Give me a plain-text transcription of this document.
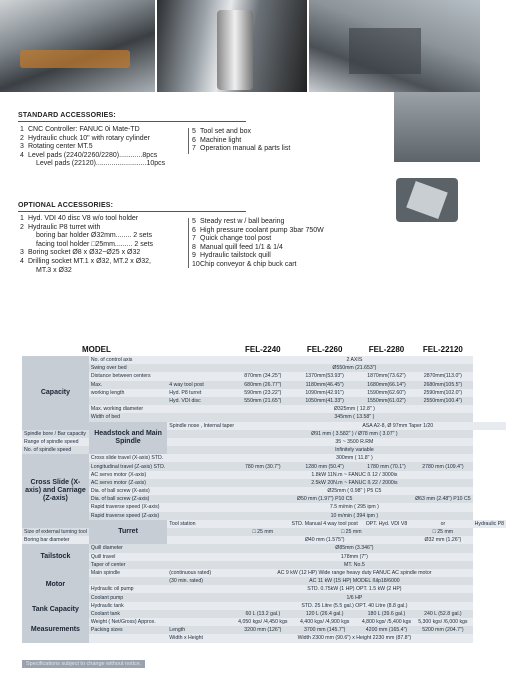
STANDARD ACCESSORIES:
1 CNC Controller: FANUC 0i Mate-TD
2 Hydraulic chuck 10" with rotary cylinder
3 Rotating center MT.5
4 Level pads (2240/2260/2280)............8pcs
Level pads (22120)..........................10pcs
5 Tool set and box
6 Machine light
7 Operation manual & parts list
OPTIONAL ACCESSORIES:
1 Hyd. VDI 40 disc V8 w/o tool holder
2 Hydraulic P8 turret with
boring bar holder Ø32mm........ 2 sets
facing tool holder □25mm......... 2 sets
3 Boring socket Ø8 x Ø32~Ø25 x Ø32
4 Drilling socket MT.1 x Ø32, MT.2 x Ø32,
MT.3 x Ø32
5 Steady rest w / ball bearing
6 High pressure coolant pump 3bar 750W
7 Quick change tool post
8 Manual quill feed 1/1 & 1/4
9 Hydraulic tailstock quill
10 Chip conveyor & chip buck cart
MODEL			FEL-2240	FEL-2260	FEL-2280	FEL-22120	
Capacity	No. of control axis		2 AXIS				
	Swing over bed		Ø550mm (21.653")				
	Distance between centers		870mm (34.25")	1370mm(53.93")	1870mm(73.62")	2870mm(113.0")	
	Max.	4 way tool post	680mm (26.77")	1180mm(46.45")	1680mm(66.14")	2680mm(105.5")	
	working length	Hyd. P8 turret	590mm (23.22")	1090mm(42.91")	1590mm(62.60")	2590mm(102.0")	
		Hyd. VDI disc	550mm (21.65")	1050mm(41.33")	1550mm(61.02")	2550mm(100.4")	
	Max. working diameter		Ø325mm ( 12.8" )				
	Width of bed		345mm ( 13.58" )				
	Headstock and Main Spindle	Spindle nose , Internal taper		ASA A2-8, Ø 97mm Taper 1/20			
Spindle bore / Bar capacity			Ø91 mm ( 3.582" ) / Ø78 mm ( 3.07" )				
Range of spindle speed			35 ~ 3500 R.RM				
No. of spindle speed			Infinitely variable				
Cross Slide (X-axis) and Carriage (Z-axis)	Cross slide travel (X-axis) STD.		300mm ( 11.8" )				
	Longitudinal travel (Z-axis) STD.		780 mm (30.7")	1280 mm (50.4")	1780 mm (70.1")	2780 mm (109.4")	
	AC servo motor (X-axis)		1.8kW 11N.m ~ FANUC ß 12 / 3000is				
	AC servo motor (Z-axis)		2.5kW 20N.m ~ FANUC ß 22 / 2000is				
	Dia. of ball screw (X-axis)		Ø25mm ( 0.98" ) P5 C5				
	Dia. of ball screw (Z-axis)		Ø50 mm (1.97") P10 C5			Ø63 mm (2.48") P10 C5	
	Rapid traverse speed (X-axis)		7.5 m/min ( 295 ipm )				
	Rapid traverse speed (Z-axis)		10 m/min ( 394 ipm )				
	Turret	Tool station		STD. Manual 4 way tool post	OPT. Hyd. VDI V8	or	Hydraulic P8
Size of external turning tool			□ 25 mm	□ 25 mm		□ 25 mm	
Boring bar diameter			Ø40 mm (1.575")			Ø32 mm (1.26")	
Tailstock	Quill diameter		Ø85mm (3.346")				
	Quill travel		178mm (7")				
	Taper of center		MT. No.5				
Motor	Main spindle	(continuous rated)	AC 9 kW (12 HP) Wide range heavy duty FANUC AC spindle motor				
		(30 min. rated)	AC 11 kW (15 HP) MODEL ßilp18/6000				
	Hydraulic oil pump		STD. 0.75kW (1 HP) OPT. 1.5 kW (2 HP)				
	Coolant pump		1/6 HP				
Tank Capacity	Hydraulic tank		STD. 25 Litre (5.5 gal.) OPT. 40 Litre (8.8 gal.)				
	Coolant tank		60 L (13.2 gal.)	120 L (26.4 gal.)	180 L (39.6 gal.)	240 L (52.8 gal.)	
Measurements	Weight ( Net/Gross) Approx.		4,050 kgs/ /4,450 kgs	4,400 kgs/ /4,900 kgs	4,800 kgs/ /5,400 kgs	5,300 kgs/ /6,000 kgs	
	Packing sizes	Length	3200 mm (126")	3700 mm (145.7")	4200 mm (165.4")	5200 mm (204.7")	
		Width x Height	Width 2300 mm (90.6") x Height 2230 mm (87.8")				
Specifications subject to change without notice.
